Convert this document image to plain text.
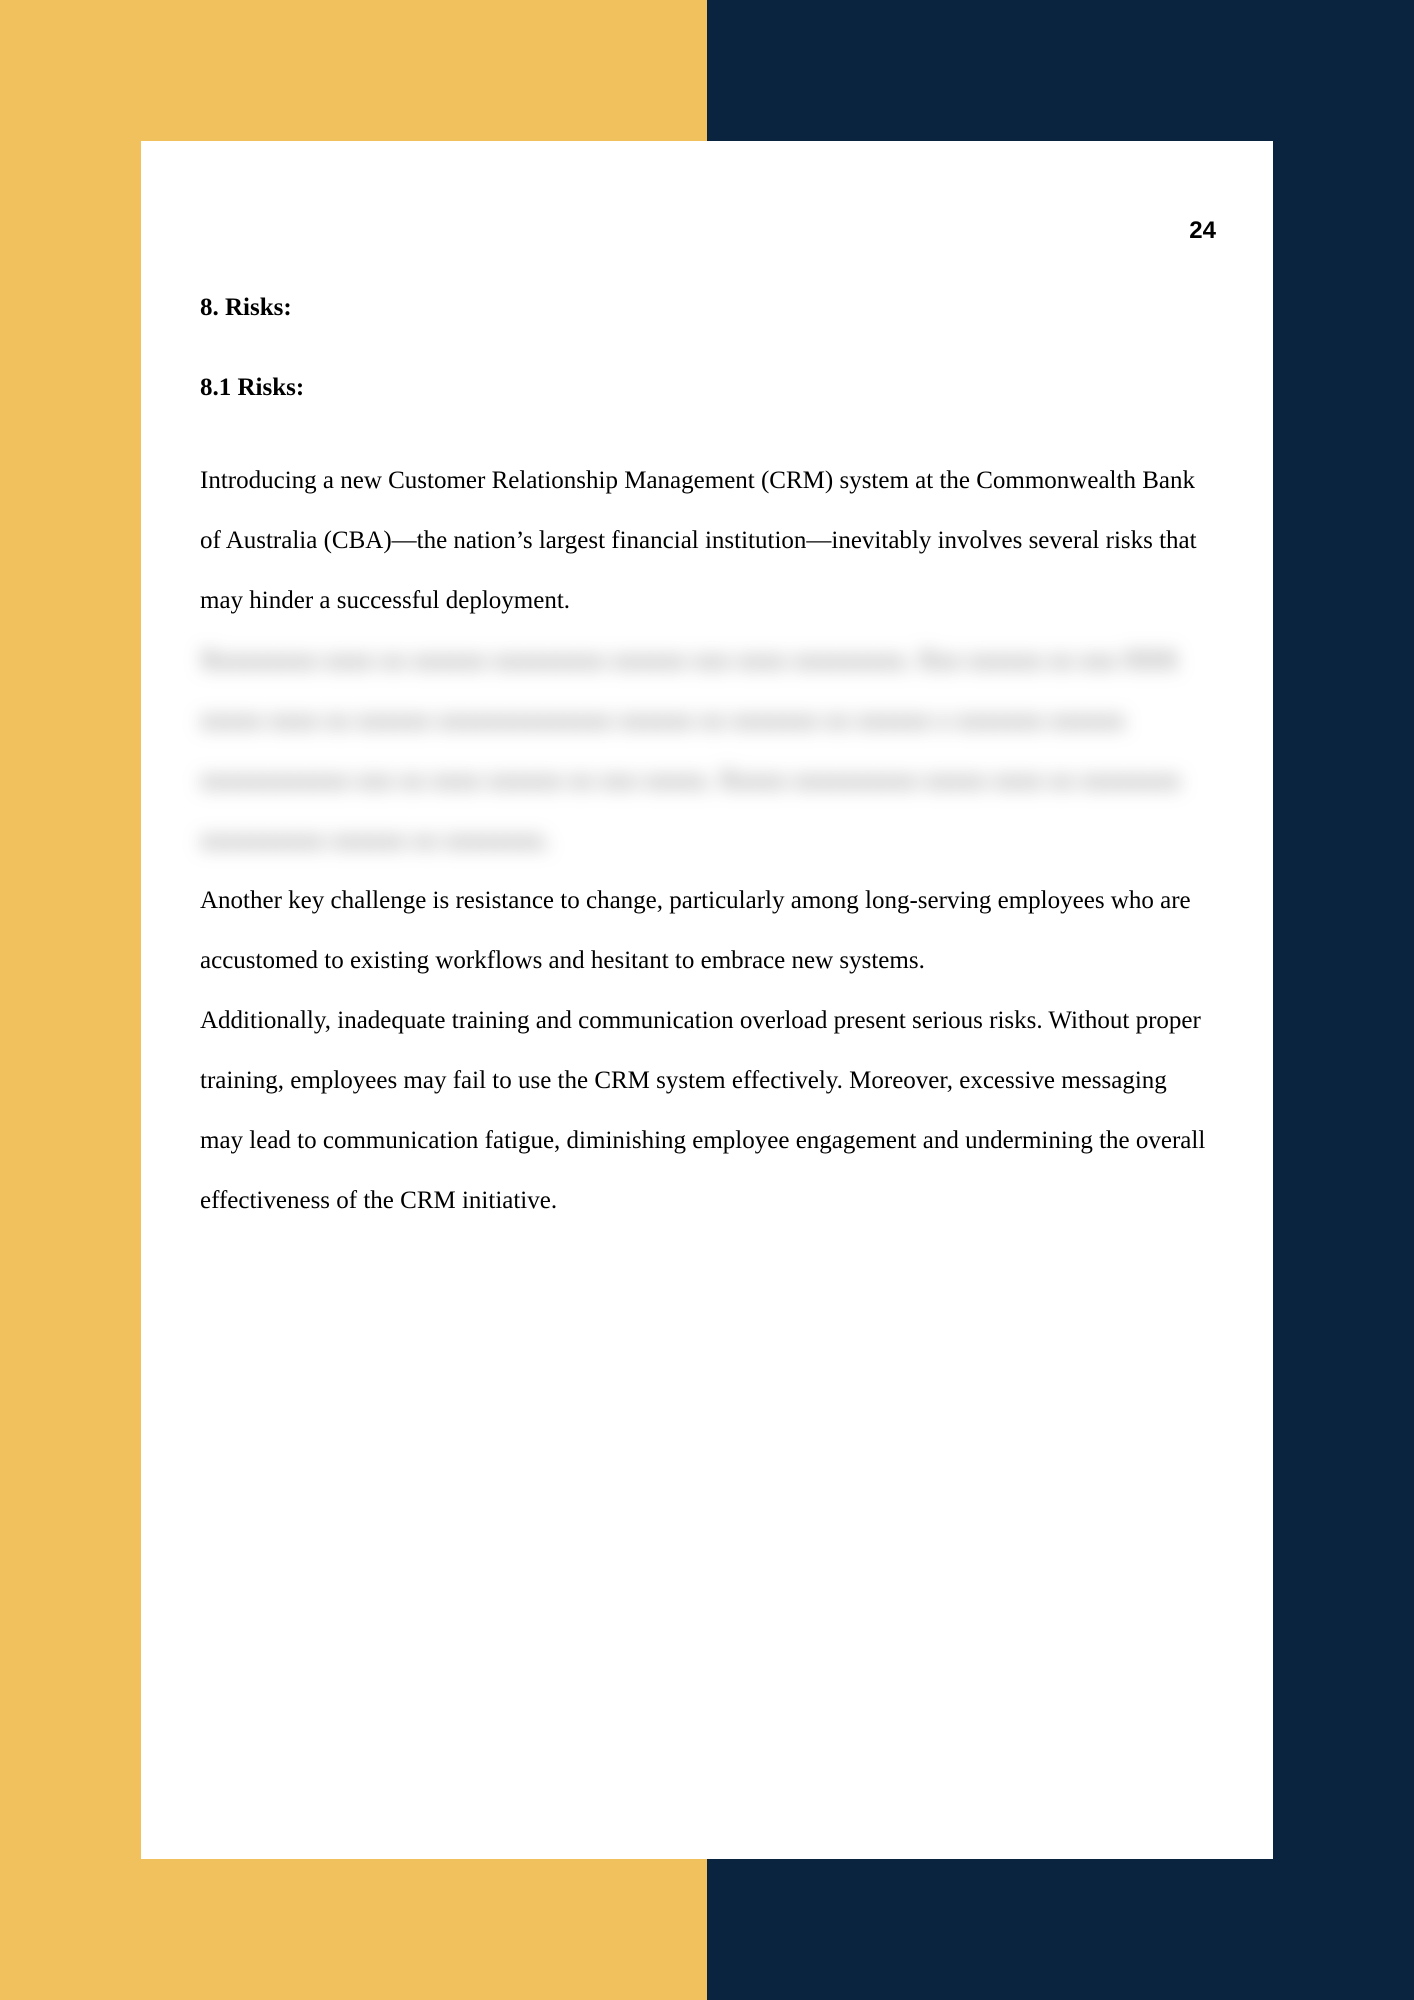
24

8. Risks:

8.1 Risks:

Introducing a new Customer Relationship Management (CRM) system at the Commonwealth Bank of Australia (CBA)—the nation’s largest financial institution—inevitably involves several risks that may hinder a successful deployment.

Xxxxxxxxx xxxx xx xxxxxx xxxxxxxxx xxxxxx xxx xxxx xxxxxxxxx. Xxx xxxxxx xx xxx XXX xxxxx xxxx xx xxxxxx xxxxxxxxxxxxxx xxxxxx xx xxxxxxx xx xxxxxx x xxxxxxx xxxxxx xxxxxxxxxxxx xxx xx xxxx xxxxxx xx xxx xxxxx. Xxxxx xxxxxxxxxx xxxxx xxxx xx xxxxxxxx xxxxxxxxxx xxxxxx xx xxxxxxxx.

Another key challenge is resistance to change, particularly among long-serving employees who are accustomed to existing workflows and hesitant to embrace new systems.

Additionally, inadequate training and communication overload present serious risks. Without proper training, employees may fail to use the CRM system effectively. Moreover, excessive messaging may lead to communication fatigue, diminishing employee engagement and undermining the overall effectiveness of the CRM initiative.
